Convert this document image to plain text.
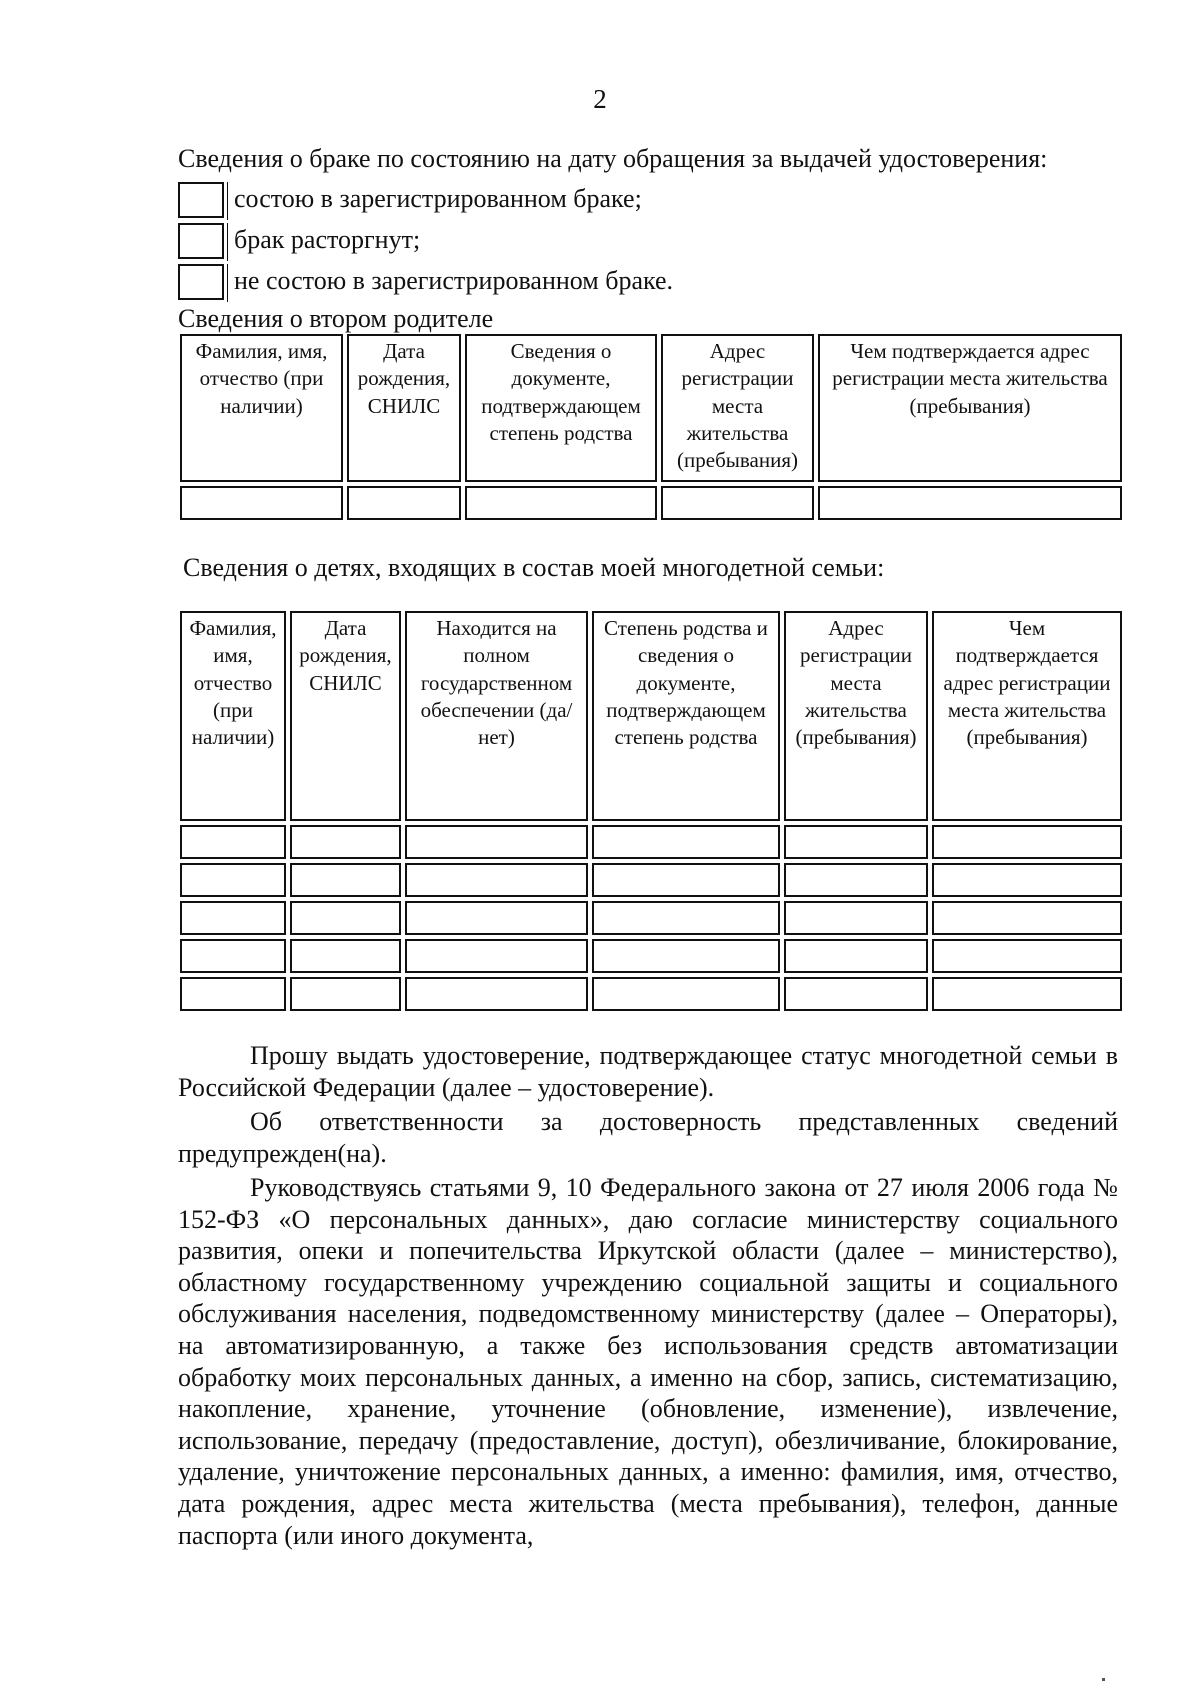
2
Сведения о браке по состоянию на дату обращения за выдачей удостоверения:
состою в зарегистрированном браке;
брак расторгнут;
не состою в зарегистрированном браке.
Сведения о втором родителе
Фамилия, имя, отчество (при наличии)	Дата рождения, СНИЛС	Сведения о документе, подтверждающем степень родства	Адрес регистрации места жительства (пребывания)	Чем подтверждается адрес регистрации места жительства (пребывания)

Сведения о детях, входящих в состав моей многодетной семьи:
Фамилия, имя, отчество (при наличии)	Дата рождения, СНИЛС	Находится на полном государственном обеспечении (да/нет)	Степень родства и сведения о документе, подтверждающем степень родства	Адрес регистрации места жительства (пребывания)	Чем подтверждается адрес регистрации места жительства (пребывания)

Прошу выдать удостоверение, подтверждающее статус многодетной семьи в Российской Федерации (далее – удостоверение).
Об ответственности за достоверность представленных сведений предупрежден(на).
Руководствуясь статьями 9, 10 Федерального закона от 27 июля 2006 года № 152-ФЗ «О персональных данных», даю согласие министерству социального развития, опеки и попечительства Иркутской области (далее – министерство), областному государственному учреждению социальной защиты и социального обслуживания населения, подведомственному министерству (далее – Операторы), на автоматизированную, а также без использования средств автоматизации обработку моих персональных данных, а именно на сбор, запись, систематизацию, накопление, хранение, уточнение (обновление, изменение), извлечение, использование, передачу (предоставление, доступ), обезличивание, блокирование, удаление, уничтожение персональных данных, а именно: фамилия, имя, отчество, дата рождения, адрес места жительства (места пребывания), телефон, данные паспорта (или иного документа,
